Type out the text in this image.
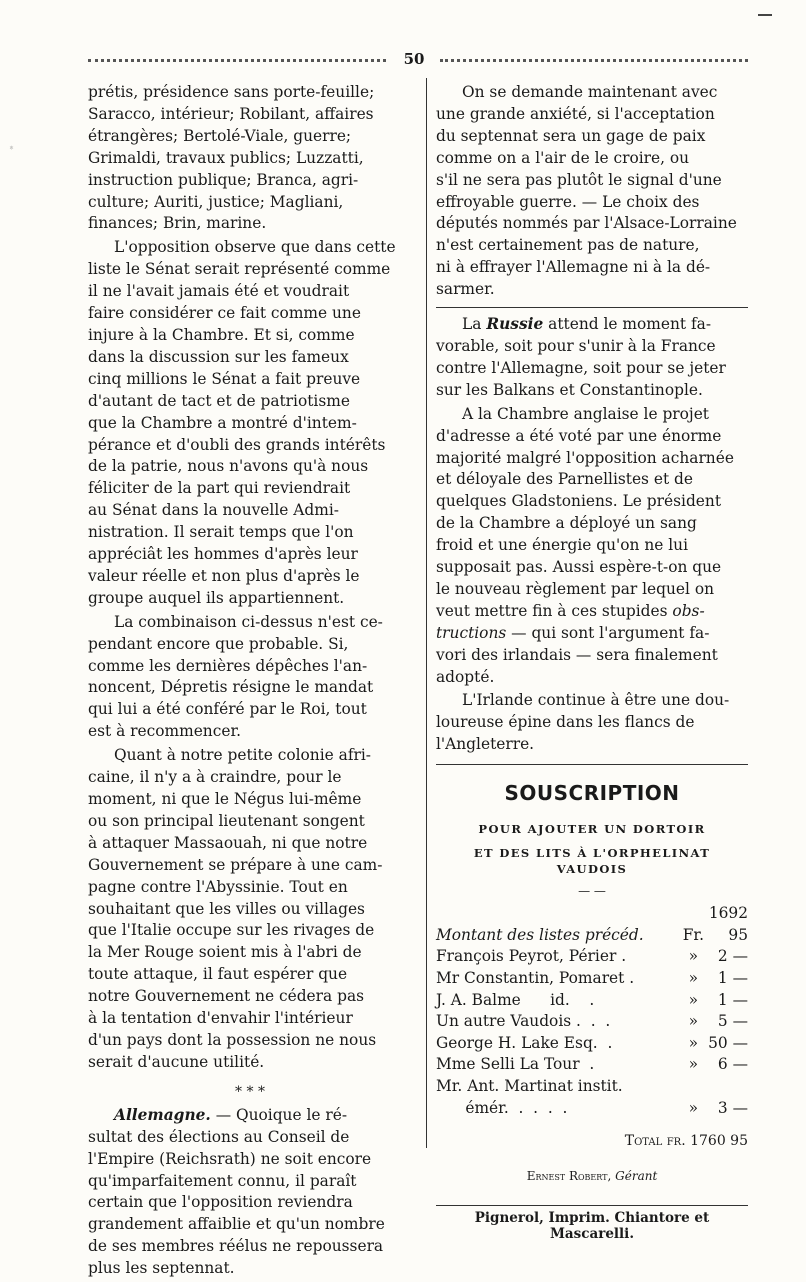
﹡
50

prétis, présidence sans porte-feuille;

Saracco, intérieur; Robilant, affaires

étrangères; Bertolé-Viale, guerre;

Grimaldi, travaux publics; Luzzatti,

instruction publique; Branca, agri-

culture; Auriti, justice; Magliani,

finances; Brin, marine.

L'opposition observe que dans cette

liste le Sénat serait représenté comme

il ne l'avait jamais été et voudrait

faire considérer ce fait comme une

injure à la Chambre. Et si, comme

dans la discussion sur les fameux

cinq millions le Sénat a fait preuve

d'autant de tact et de patriotisme

que la Chambre a montré d'intem-

pérance et d'oubli des grands intérêts

de la patrie, nous n'avons qu'à nous

féliciter de la part qui reviendrait

au Sénat dans la nouvelle Admi-

nistration. Il serait temps que l'on

appréciât les hommes d'après leur

valeur réelle et non plus d'après le

groupe auquel ils appartiennent.

La combinaison ci-dessus n'est ce-

pendant encore que probable. Si,

comme les dernières dépêches l'an-

noncent, Dépretis résigne le mandat

qui lui a été conféré par le Roi, tout

est à recommencer.

Quant à notre petite colonie afri-

caine, il n'y a à craindre, pour le

moment, ni que le Négus lui-même

ou son principal lieutenant songent

à attaquer Massaouah, ni que notre

Gouvernement se prépare à une cam-

pagne contre l'Abyssinie. Tout en

souhaitant que les villes ou villages

que l'Italie occupe sur les rivages de

la Mer Rouge soient mis à l'abri de

toute attaque, il faut espérer que

notre Gouvernement ne cédera pas

à la tentation d'envahir l'intérieur

d'un pays dont la possession ne nous

serait d'aucune utilité.

* * *

Allemagne. — Quoique le ré-

sultat des élections au Conseil de

l'Empire (Reichsrath) ne soit encore

qu'imparfaitement connu, il paraît

certain que l'opposition reviendra

grandement affaiblie et qu'un nombre

de ses membres réélus ne repoussera

plus les septennat.

On se demande maintenant avec

une grande anxiété, si l'acceptation

du septennat sera un gage de paix

comme on a l'air de le croire, ou

s'il ne sera pas plutôt le signal d'une

effroyable guerre. — Le choix des

députés nommés par l'Alsace-Lorraine

n'est certainement pas de nature,

ni à effrayer l'Allemagne ni à la dé-

sarmer.

La Russie attend le moment fa-

vorable, soit pour s'unir à la France

contre l'Allemagne, soit pour se jeter

sur les Balkans et Constantinople.

A la Chambre anglaise le projet

d'adresse a été voté par une énorme

majorité malgré l'opposition acharnée

et déloyale des Parnellistes et de

quelques Gladstoniens. Le président

de la Chambre a déployé un sang

froid et une énergie qu'on ne lui

supposait pas. Aussi espère-t-on que

le nouveau règlement par lequel on

veut mettre fin à ces stupides obs-

tructions — qui sont l'argument fa-

vori des irlandais — sera finalement

adopté.

L'Irlande continue à être une dou-

loureuse épine dans les flancs de

l'Angleterre.

SOUSCRIPTION
POUR AJOUTER UN DORTOIR
ET DES LITS À L'ORPHELINAT VAUDOIS
— —
Montant des listes précéd.	Fr.	1692 95
François Peyrot, Périer .	»	2 —
Mr Constantin, Pomaret .	»	1 —
J. A. Balme      id.    .	»	1 —
Un autre Vaudois .  .  .	»	5 —
George H. Lake Esq.  .	»	50 —
Mme Selli La Tour  .	»	6 —
Mr. Ant. Martinat instit.		
émér.  .  .  .  .	»	3 —
Total fr. 1760 95
Ernest Robert, Gérant
Pignerol, Imprim. Chiantore et Mascarelli.
